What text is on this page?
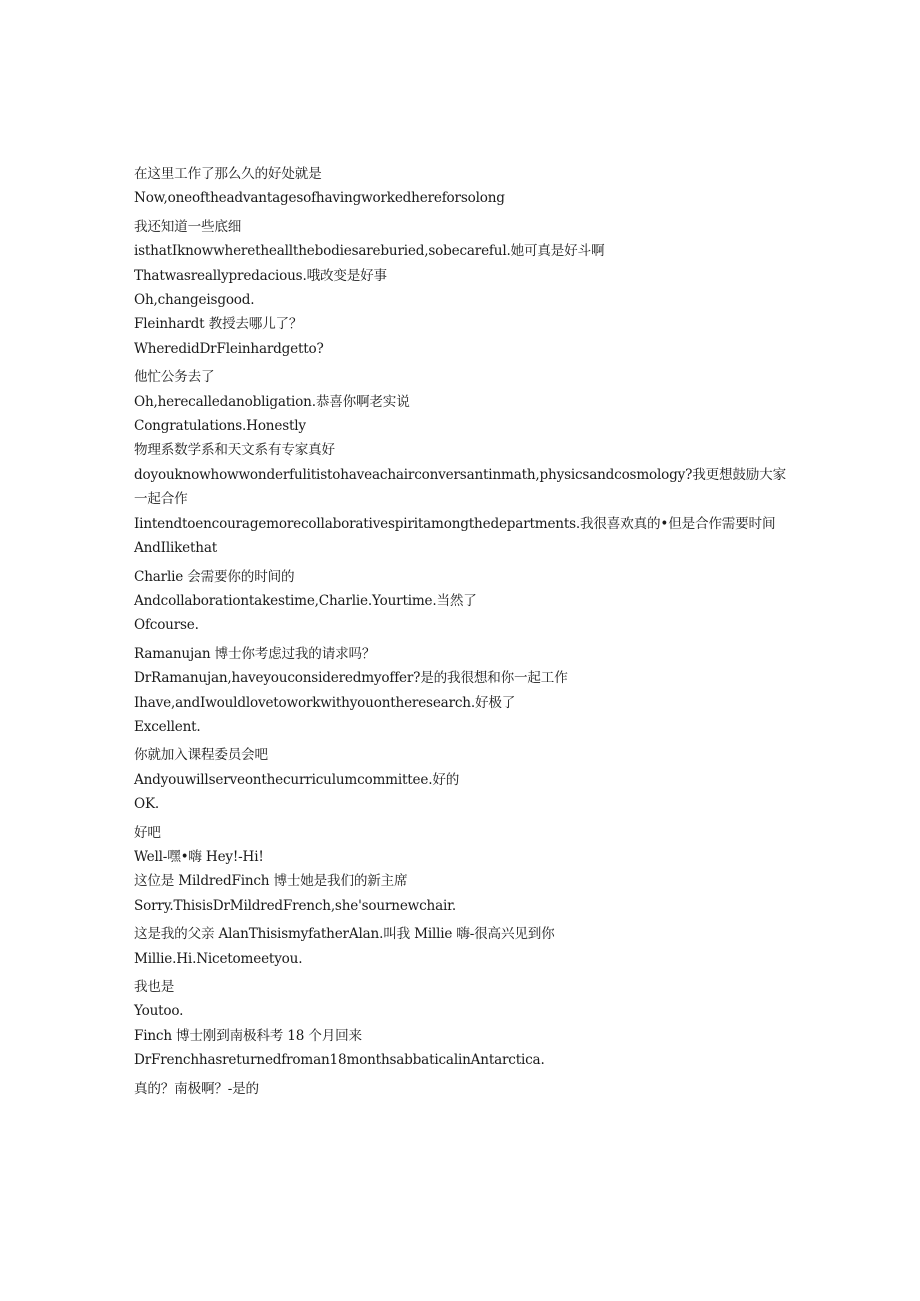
在这里工作了那么久的好处就是
Now,oneoftheadvantagesofhavingworkedhereforsolong
我还知道一些底细
isthatIknowwheretheallthebodiesareburied,sobecareful.她可真是好斗啊
Thatwasreallypredacious.哦改变是好事
Oh,changeisgood.
Fleinhardt 教授去哪儿了？
WheredidDrFleinhardgetto?
他忙公务去了
Oh,herecalledanobligation.恭喜你啊老实说
Congratulations.Honestly
物理系数学系和天文系有专家真好
doyouknowhowwonderfulitistohaveachairconversantinmath,physicsandcosmology?我更想鼓励大家一起合作
Iintendtoencouragemorecollaborativespiritamongthedepartments.我很喜欢真的•但是合作需要时间
AndIlikethat
Charlie 会需要你的时间的
Andcollaborationtakestime,Charlie.Yourtime.当然了
Ofcourse.
Ramanujan 博士你考虑过我的请求吗？
DrRamanujan,haveyouconsideredmyoffer?是的我很想和你一起工作
Ihave,andIwouldlovetoworkwithyouontheresearch.好极了
Excellent.
你就加入课程委员会吧
Andyouwillserveonthecurriculumcommittee.好的
OK.
好吧
Well-嘿•嗨 Hey!-Hi!
这位是 MildredFinch 博士她是我们的新主席
Sorry.ThisisDrMildredFrench,she'sournewchair.
这是我的父亲 AlanThisismyfatherAlan.叫我 Millie 嗨-很高兴见到你
Millie.Hi.Nicetomeetyou.
我也是
Youtoo.
Finch 博士刚到南极科考 18 个月回来
DrFrenchhasreturnedfroman18monthsabbaticalinAntarctica.
真的？南极啊？-是的
